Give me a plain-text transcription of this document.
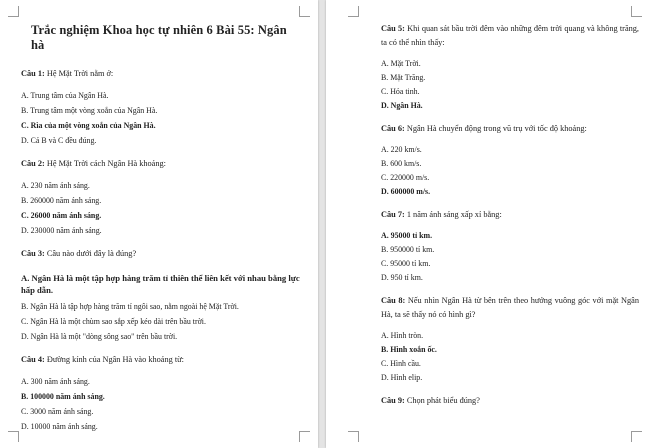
Trắc nghiệm Khoa học tự nhiên 6 Bài 55: Ngân hà

Câu 1: Hệ Mặt Trời nằm ở:

A. Trung tâm của Ngân Hà.
B. Trung tâm một vòng xoắn của Ngân Hà.
C. Rìa của một vòng xoắn của Ngân Hà.
D. Cả B và C đều đúng.

Câu 2: Hệ Mặt Trời cách Ngân Hà khoảng:

A. 230 năm ánh sáng.
B. 260000 năm ánh sáng.
C. 26000 năm ánh sáng.
D. 230000 năm ánh sáng.

Câu 3: Câu nào dưới đây là đúng?

A. Ngân Hà là một tập hợp hàng trăm tỉ thiên thể liên kết với nhau bằng lực hấp dẫn.
B. Ngân Hà là tập hợp hàng trăm tỉ ngôi sao, nằm ngoài hệ Mặt Trời.
C. Ngân Hà là một chùm sao sắp xếp kéo dài trên bầu trời.
D. Ngân Hà là một "dòng sông sao" trên bầu trời.

Câu 4: Đường kính của Ngân Hà vào khoảng từ:

A. 300 năm ánh sáng.
B. 100000 năm ánh sáng.
C. 3000 năm ánh sáng.
D. 10000 năm ánh sáng.

Câu 5: Khi quan sát bầu trời đêm vào những đêm trời quang và không trăng, ta có thể nhìn thấy:

A. Mặt Trời.
B. Mặt Trăng.
C. Hỏa tinh.
D. Ngân Hà.

Câu 6: Ngân Hà chuyển động trong vũ trụ với tốc độ khoảng:

A. 220 km/s.
B. 600 km/s.
C. 220000 m/s.
D. 600000 m/s.

Câu 7: 1 năm ánh sáng xấp xỉ bằng:

A. 95000 tỉ km.
B. 950000 tỉ km.
C. 95000 tỉ km.
D. 950 tỉ km.

Câu 8: Nếu nhìn Ngân Hà từ bên trên theo hướng vuông góc với mặt Ngân Hà, ta sẽ thấy nó có hình gì?

A. Hình tròn.
B. Hình xoắn ốc.
C. Hình cầu.
D. Hình elip.

Câu 9: Chọn phát biểu đúng?
